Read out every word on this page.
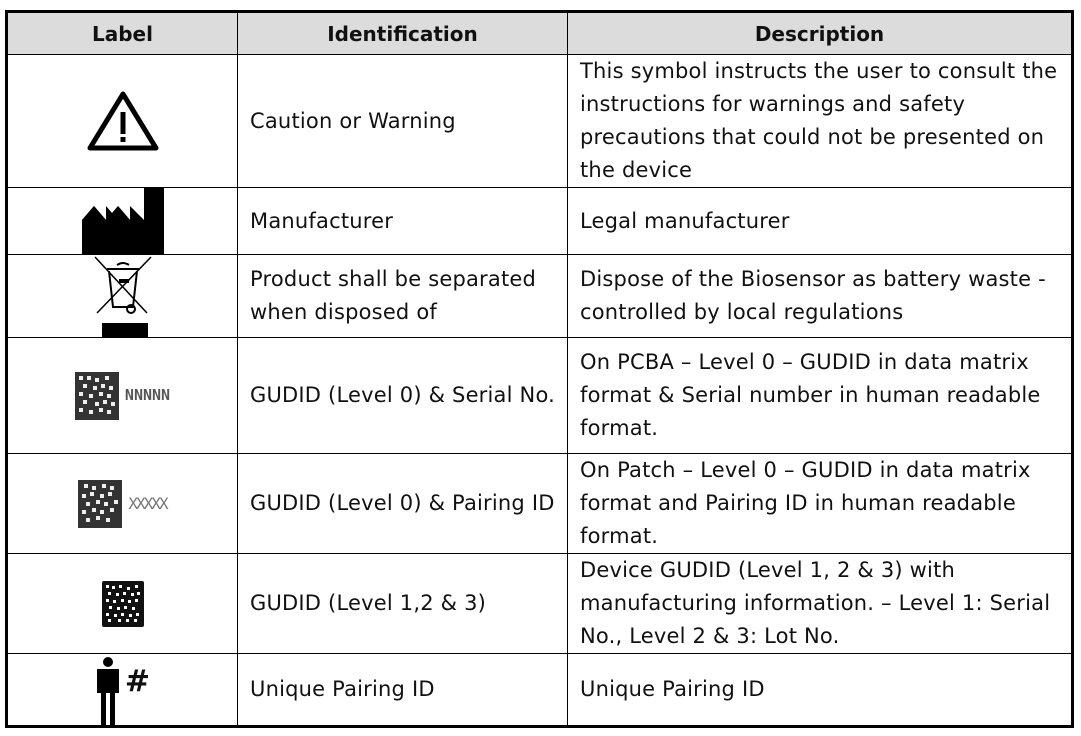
Label	Identification	Description

	Caution or Warning	This symbol instructs the user to consult the instructions for warnings and safety precautions that could not be presented on the device

	Manufacturer	Legal manufacturer

	Product shall be separated when disposed of	Dispose of the Biosensor as battery waste - controlled by local regulations

NNNNN	GUDID (Level 0) & Serial No.	On PCBA – Level 0 – GUDID in data matrix format & Serial number in human readable format.

XXXXX	GUDID (Level 0) & Pairing ID	On Patch – Level 0 – GUDID in data matrix format and Pairing ID in human readable format.

	GUDID (Level 1,2 & 3)	Device GUDID (Level 1, 2 & 3) with manufacturing information. – Level 1: Serial No., Level 2 & 3: Lot No.

#	Unique Pairing ID	Unique Pairing ID
